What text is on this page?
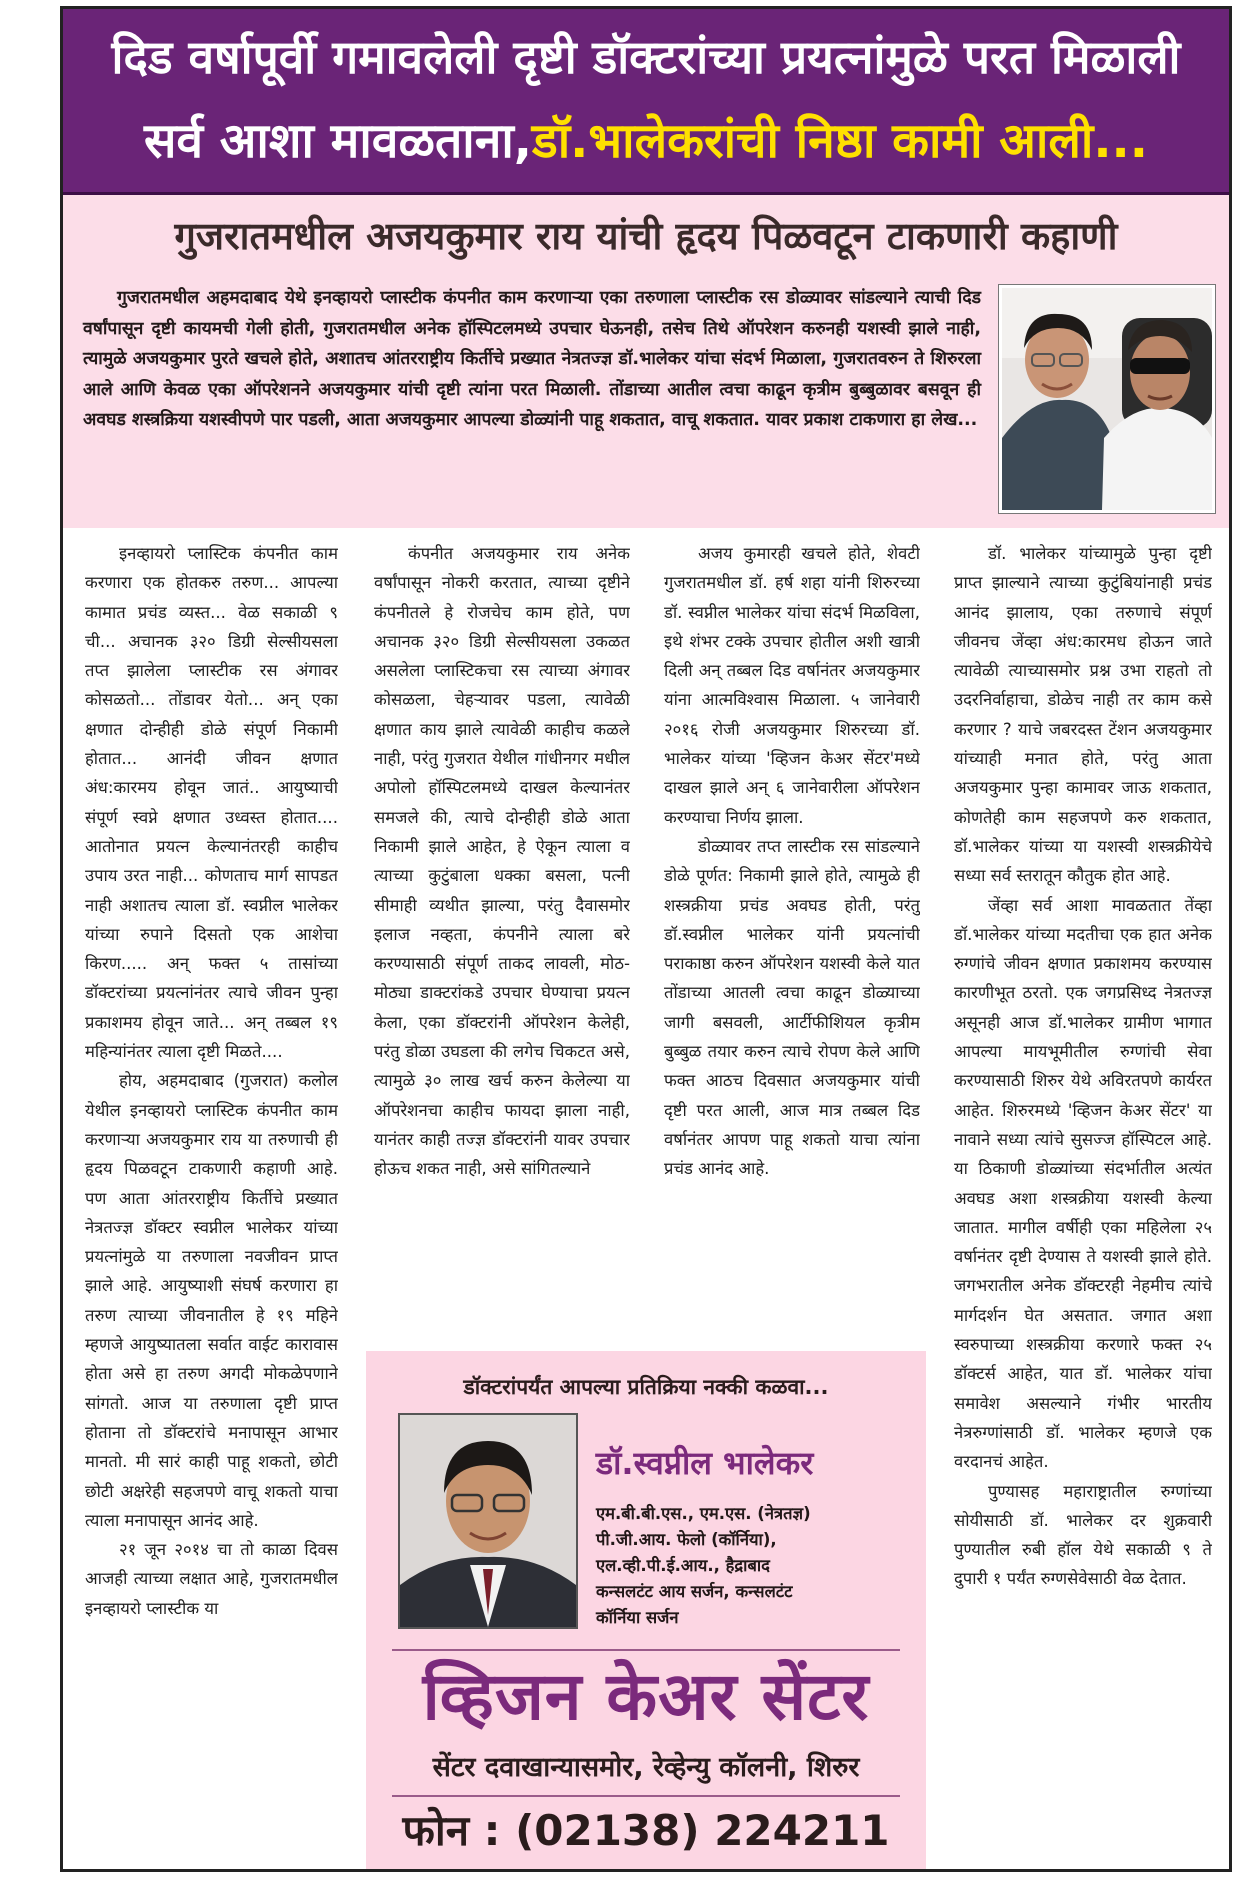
दिड वर्षापूर्वी गमावलेली दृष्टी डॉक्टरांच्या प्रयत्नांमुळे परत मिळाली
सर्व आशा मावळताना,डॉ.भालेकरांची निष्ठा कामी आली...
गुजरातमधील अजयकुमार राय यांची हृदय पिळवटून टाकणारी कहाणी
गुजरातमधील अहमदाबाद येथे इनव्हायरो प्लास्टीक कंपनीत काम करणाऱ्या एका तरुणाला प्लास्टीक रस डोळ्यावर सांडल्याने त्याची दिड वर्षांपासून दृष्टी कायमची गेली होती, गुजरातमधील अनेक हॉस्पिटलमध्ये उपचार घेऊनही, तसेच तिथे ऑपरेशन करुनही यशस्वी झाले नाही, त्यामुळे अजयकुमार पुरते खचले होते, अशातच आंतरराष्ट्रीय किर्तीचे प्रख्यात नेत्रतज्ज्ञ डॉ.भालेकर यांचा संदर्भ मिळाला, गुजरातवरुन ते शिरुरला आले आणि केवळ एका ऑपरेशनने अजयकुमार यांची दृष्टी त्यांना परत मिळाली. तोंडाच्या आतील त्वचा काढून कृत्रीम बुब्बुळावर बसवून ही अवघड शस्त्रक्रिया यशस्वीपणे पार पडली, आता अजयकुमार आपल्या डोळ्यांनी पाहू शकतात, वाचू शकतात. यावर प्रकाश टाकणारा हा लेख...

इनव्हायरो प्लास्टिक कंपनीत काम करणारा एक होतकरु तरुण... आपल्या कामात प्रचंड व्यस्त... वेळ सकाळी ९ ची... अचानक ३२० डिग्री सेल्सीयसला तप्त झालेला प्लास्टीक रस अंगावर कोसळतो... तोंडावर येतो... अन् एका क्षणात दोन्हीही डोळे संपूर्ण निकामी होतात... आनंदी जीवन क्षणात अंध:कारमय होवून जातं.. आयुष्याची संपूर्ण स्वप्ने क्षणात उध्वस्त होतात.... आतोनात प्रयत्न केल्यानंतरही काहीच उपाय उरत नाही... कोणताच मार्ग सापडत नाही अशातच त्याला डॉ. स्वप्नील भालेकर यांच्या रुपाने दिसतो एक आशेचा किरण..... अन् फक्त ५ तासांच्या डॉक्टरांच्या प्रयत्नांनंतर त्याचे जीवन पुन्हा प्रकाशमय होवून जाते... अन् तब्बल १९ महिन्यांनंतर त्याला दृष्टी मिळते....

होय, अहमदाबाद (गुजरात) कलोल येथील इनव्हायरो प्लास्टिक कंपनीत काम करणाऱ्या अजयकुमार राय या तरुणाची ही हृदय पिळवटून टाकणारी कहाणी आहे. पण आता आंतरराष्ट्रीय किर्तीचे प्रख्यात नेत्रतज्ज्ञ डॉक्टर स्वप्नील भालेकर यांच्या प्रयत्नांमुळे या तरुणाला नवजीवन प्राप्त झाले आहे. आयुष्याशी संघर्ष करणारा हा तरुण त्याच्या जीवनातील हे १९ महिने म्हणजे आयुष्यातला सर्वात वाईट कारावास होता असे हा तरुण अगदी मोकळेपणाने सांगतो. आज या तरुणाला दृष्टी प्राप्त होताना तो डॉक्टरांचे मनापासून आभार मानतो. मी सारं काही पाहू शकतो, छोटी छोटी अक्षरेही सहजपणे वाचू शकतो याचा त्याला मनापासून आनंद आहे.

२१ जून २०१४ चा तो काळा दिवस आजही त्याच्या लक्षात आहे, गुजरातमधील इनव्हायरो प्लास्टीक या

कंपनीत अजयकुमार राय अनेक वर्षांपासून नोकरी करतात, त्याच्या दृष्टीने कंपनीतले हे रोजचेच काम होते, पण अचानक ३२० डिग्री सेल्सीयसला उकळत असलेला प्लास्टिकचा रस त्याच्या अंगावर कोसळला, चेहऱ्यावर पडला, त्यावेळी क्षणात काय झाले त्यावेळी काहीच कळले नाही, परंतु गुजरात येथील गांधीनगर मधील अपोलो हॉस्पिटलमध्ये दाखल केल्यानंतर समजले की, त्याचे दोन्हीही डोळे आता निकामी झाले आहेत, हे ऐकून त्याला व त्याच्या कुटुंबाला धक्का बसला, पत्नी सीमाही व्यथीत झाल्या, परंतु दैवासमोर इलाज नव्हता, कंपनीने त्याला बरे करण्यासाठी संपूर्ण ताकद लावली, मोठ-मोठ्या डाक्टरांकडे उपचार घेण्याचा प्रयत्न केला, एका डॉक्टरांनी ऑपरेशन केलेही, परंतु डोळा उघडला की लगेच चिकटत असे, त्यामुळे ३० लाख खर्च करुन केलेल्या या ऑपरेशनचा काहीच फायदा झाला नाही, यानंतर काही तज्ज्ञ डॉक्टरांनी यावर उपचार होऊच शकत नाही, असे सांगितल्याने

अजय कुमारही खचले होते, शेवटी गुजरातमधील डॉ. हर्ष शहा यांनी शिरुरच्या डॉ. स्वप्नील भालेकर यांचा संदर्भ मिळविला, इथे शंभर टक्के उपचार होतील अशी खात्री दिली अन् तब्बल दिड वर्षानंतर अजयकुमार यांना आत्मविश्वास मिळाला. ५ जानेवारी २०१६ रोजी अजयकुमार शिरुरच्या डॉ. भालेकर यांच्या 'व्हिजन केअर सेंटर'मध्ये दाखल झाले अन् ६ जानेवारीला ऑपरेशन करण्याचा निर्णय झाला.

डोळ्यावर तप्त लास्टीक रस सांडल्याने डोळे पूर्णत: निकामी झाले होते, त्यामुळे ही शस्त्रक्रीया प्रचंड अवघड होती, परंतु डॉ.स्वप्नील भालेकर यांनी प्रयत्नांची पराकाष्ठा करुन ऑपरेशन यशस्वी केले यात तोंडाच्या आतली त्वचा काढून डोळ्याच्या जागी बसवली, आर्टीफीशियल कृत्रीम बुब्बुळ तयार करुन त्याचे रोपण केले आणि फक्त आठच दिवसात अजयकुमार यांची दृष्टी परत आली, आज मात्र तब्बल दिड वर्षानंतर आपण पाहू शकतो याचा त्यांना प्रचंड आनंद आहे.

डॉ. भालेकर यांच्यामुळे पुन्हा दृष्टी प्राप्त झाल्याने त्याच्या कुटुंबियांनाही प्रचंड आनंद झालाय, एका तरुणाचे संपूर्ण जीवनच जेंव्हा अंध:कारमध होऊन जाते त्यावेळी त्याच्यासमोर प्रश्न उभा राहतो तो उदरनिर्वाहाचा, डोळेच नाही तर काम कसे करणार ? याचे जबरदस्त टेंशन अजयकुमार यांच्याही मनात होते, परंतु आता अजयकुमार पुन्हा कामावर जाऊ शकतात, कोणतेही काम सहजपणे करु शकतात, डॉ.भालेकर यांच्या या यशस्वी शस्त्रक्रीयेचे सध्या सर्व स्तरातून कौतुक होत आहे.

जेंव्हा सर्व आशा मावळतात तेंव्हा डॉ.भालेकर यांच्या मदतीचा एक हात अनेक रुग्णांचे जीवन क्षणात प्रकाशमय करण्यास कारणीभूत ठरतो. एक जगप्रसिध्द नेत्रतज्ज्ञ असूनही आज डॉ.भालेकर ग्रामीण भागात आपल्या मायभूमीतील रुग्णांची सेवा करण्यासाठी शिरुर येथे अविरतपणे कार्यरत आहेत. शिरुरमध्ये 'व्हिजन केअर सेंटर' या नावाने सध्या त्यांचे सुसज्ज हॉस्पिटल आहे. या ठिकाणी डोळ्यांच्या संदर्भातील अत्यंत अवघड अशा शस्त्रक्रीया यशस्वी केल्या जातात. मागील वर्षीही एका महिलेला २५ वर्षानंतर दृष्टी देण्यास ते यशस्वी झाले होते. जगभरातील अनेक डॉक्टरही नेहमीच त्यांचे मार्गदर्शन घेत असतात. जगात अशा स्वरुपाच्या शस्त्रक्रीया करणारे फक्त २५ डॉक्टर्स आहेत, यात डॉ. भालेकर यांचा समावेश असल्याने गंभीर भारतीय नेत्ररुग्णांसाठी डॉ. भालेकर म्हणजे एक वरदानचं आहेत.

पुण्यासह महाराष्ट्रातील रुग्णांच्या सोयीसाठी डॉ. भालेकर दर शुक्रवारी पुण्यातील रुबी हॉल येथे सकाळी ९ ते दुपारी १ पर्यंत रुग्णसेवेसाठी वेळ देतात.

डॉक्टरांपर्यंत आपल्या प्रतिक्रिया नक्की कळवा...
डॉ.स्वप्नील भालेकर
एम.बी.बी.एस., एम.एस. (नेत्रतज्ञ)
पी.जी.आय. फेलो (कॉर्निया),
एल.व्ही.पी.ई.आय., हैद्राबाद
कन्सलटंट आय सर्जन, कन्सलटंट
कॉर्निया सर्जन
व्हिजन केअर सेंटर
सेंटर दवाखान्यासमोर, रेव्हेन्यु कॉलनी, शिरुर
फोन : (02138) 224211
